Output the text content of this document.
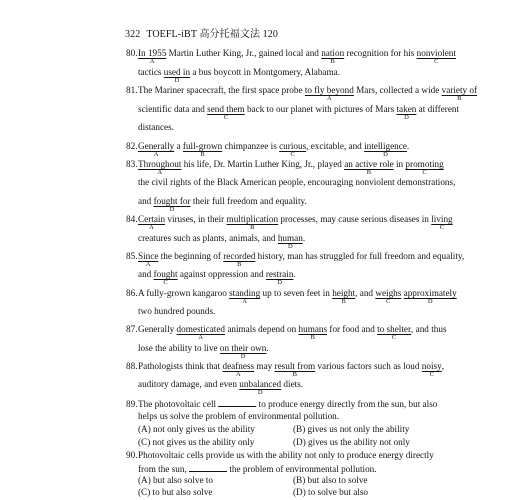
322 TOEFL-iBT 高分托福文法 120
80.In 1955
A
Martin Luther King, Jr., gained local and nation
B
recognition for his nonviolent
C
tactics used in
D
a bus boycott in Montgomery, Alabama.
81.The Mariner spacecraft, the first space probe to fly beyond
A
Mars, collected a wide variety of
B
scientific data and send them
C
back to our planet with pictures of Mars taken
D
at different
distances.
82.Generally
A
a full-grown
B
chimpanzee is curious
C
, excitable, and intelligence
D
.
83.Throughout
A
his life, Dr. Martin Luther King, Jr., played an active role
B
in promoting
C
the civil rights of the Black American people, encouraging nonviolent demonstrations,
and fought for
D
their full freedom and equality.
84.Certain
A
viruses, in their multiplication
B
processes, may cause serious diseases in living
C
creatures such as plants, animals, and human
D
.
85.Since
A
the beginning of recorded
B
history, man has struggled for full freedom and equality,
and fought
C
against oppression and restrain
D
.
86.A fully-grown kangaroo standing
A
up to seven feet in height
B
, and weighs
C
approximately
D
two hundred pounds.
87.Generally domesticated
A
animals depend on humans
B
for food and to shelter
C
, and thus
lose the ability to live on their own
D
.
88.Pathologists think that deafness
A
may result from
B
various factors such as loud noisy
C
,
auditory damage, and even unbalanced
D
diets.
89.The photovoltaic cell	to produce energy directly from the sun, but also
helps us solve the problem of environmental pollution.
(A) not only gives us the ability	(B) gives us not only the ability
(C) not gives us the ability only	(D) gives us the ability not only
90.Photovoltaic cells provide us with the ability not only to produce energy directly
from the sun,	the problem of environmental pollution.
(A) but also solve to	(B) but also to solve
(C) to but also solve	(D) to solve but also
